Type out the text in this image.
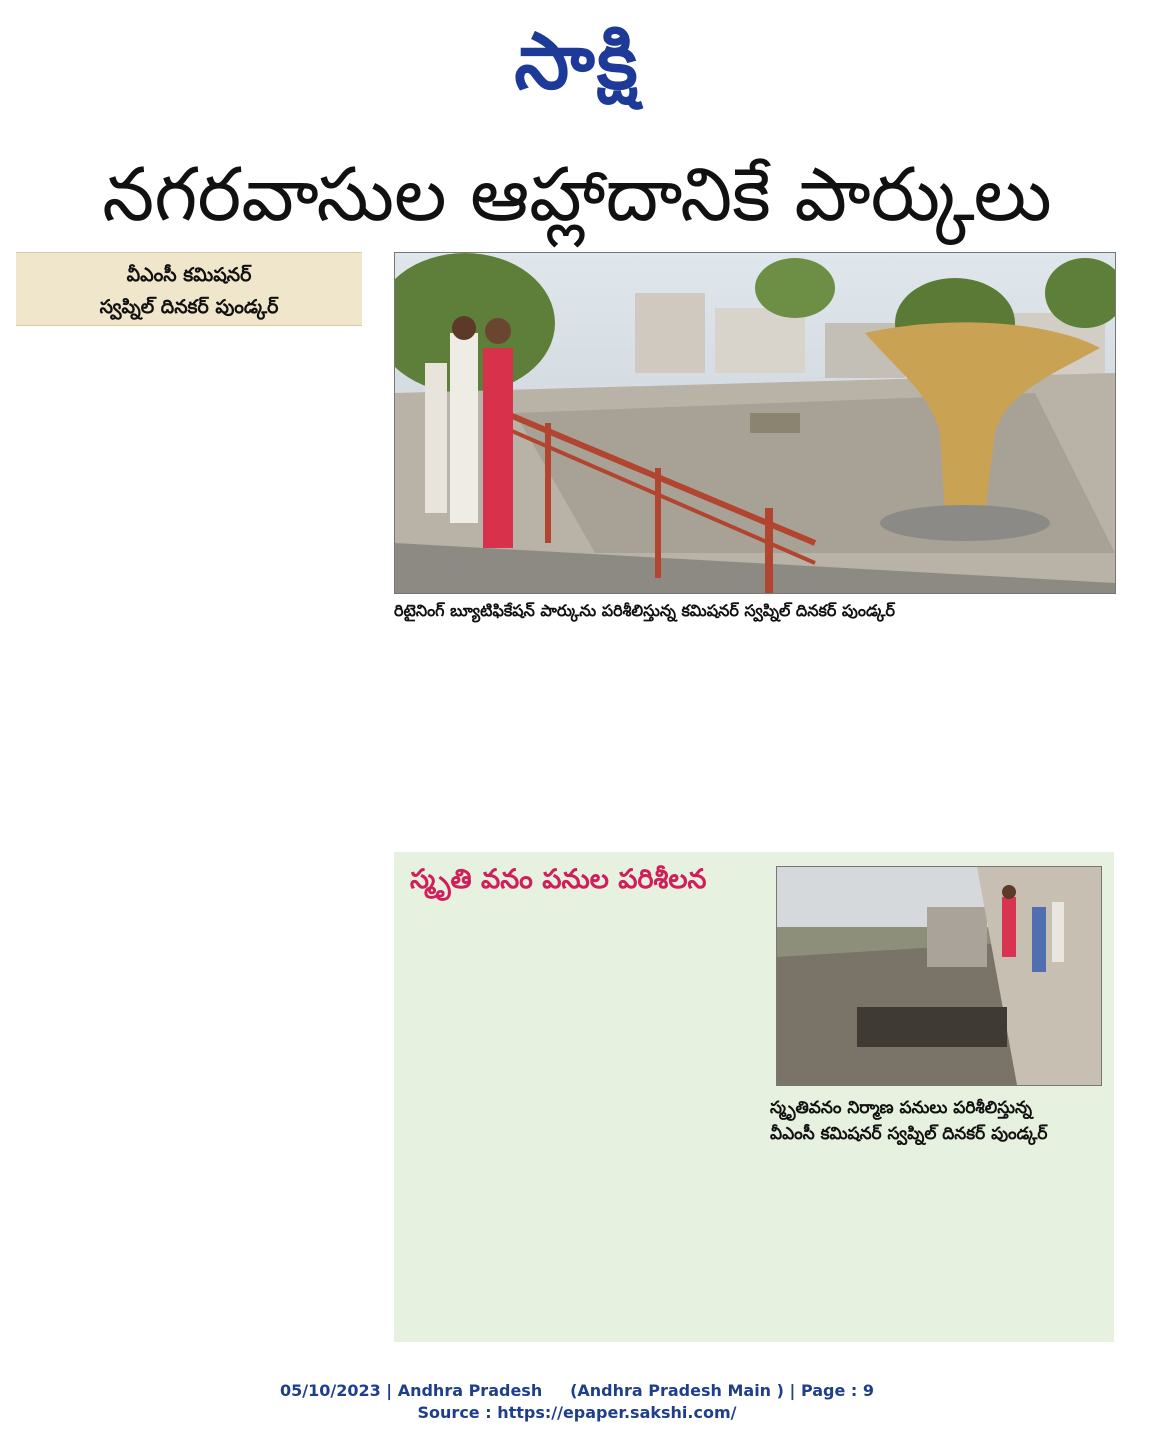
సాక్షి
నగరవాసుల ఆహ్లాదానికే పార్కులు
వీఎంసీ కమిషనర్
స్వప్నిల్ దినకర్ పుండ్కర్
రిటైనింగ్ బ్యూటిఫికేషన్ పార్కును పరిశీలిస్తున్న కమిషనర్ స్వప్నిల్ దినకర్ పుండ్కర్
స్మృతి వనం పనుల పరిశీలన
స్మృతివనం నిర్మాణ పనులు పరిశీలిస్తున్న
వీఎంసీ కమిషనర్ స్వప్నిల్ దినకర్ పుండ్కర్
05/10/2023 | Andhra Pradesh (Andhra Pradesh Main ) | Page : 9
Source : https://epaper.sakshi.com/
